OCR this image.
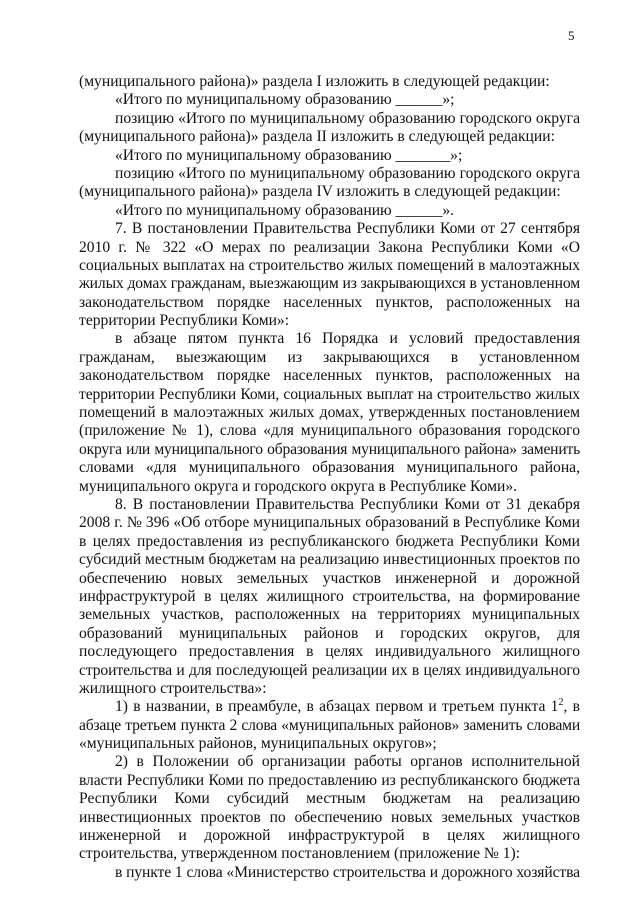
5
(муниципального района)» раздела I изложить в следующей редакции:
«Итого по муниципальному образованию ______»;
позицию «Итого по муниципальному образованию городского округа
(муниципального района)» раздела II изложить в следующей редакции:
«Итого по муниципальному образованию _______»;
позицию «Итого по муниципальному образованию городского округа
(муниципального района)» раздела IV изложить в следующей редакции:
«Итого по муниципальному образованию ______».
7. В постановлении Правительства Республики Коми от 27 сентября
2010 г. № 322 «О мерах по реализации Закона Республики Коми «О
социальных выплатах на строительство жилых помещений в малоэтажных
жилых домах гражданам, выезжающим из закрывающихся в установленном
законодательством порядке населенных пунктов, расположенных на
территории Республики Коми»:
в абзаце пятом пункта 16 Порядка и условий предоставления
гражданам, выезжающим из закрывающихся в установленном
законодательством порядке населенных пунктов, расположенных на
территории Республики Коми, социальных выплат на строительство жилых
помещений в малоэтажных жилых домах, утвержденных постановлением
(приложение № 1), слова «для муниципального образования городского
округа или муниципального образования муниципального района» заменить
словами «для муниципального образования муниципального района,
муниципального округа и городского округа в Республике Коми».
8. В постановлении Правительства Республики Коми от 31 декабря
2008 г. № 396 «Об отборе муниципальных образований в Республике Коми
в целях предоставления из республиканского бюджета Республики Коми
субсидий местным бюджетам на реализацию инвестиционных проектов по
обеспечению новых земельных участков инженерной и дорожной
инфраструктурой в целях жилищного строительства, на формирование
земельных участков, расположенных на территориях муниципальных
образований муниципальных районов и городских округов, для
последующего предоставления в целях индивидуального жилищного
строительства и для последующей реализации их в целях индивидуального
жилищного строительства»:
1) в названии, в преамбуле, в абзацах первом и третьем пункта $1^2$, в
абзаце третьем пункта 2 слова «муниципальных районов» заменить словами
«муниципальных районов, муниципальных округов»;
2) в Положении об организации работы органов исполнительной
власти Республики Коми по предоставлению из республиканского бюджета
Республики Коми субсидий местным бюджетам на реализацию
инвестиционных проектов по обеспечению новых земельных участков
инженерной и дорожной инфраструктурой в целях жилищного
строительства, утвержденном постановлением (приложение № 1):
в пункте 1 слова «Министерство строительства и дорожного хозяйства
